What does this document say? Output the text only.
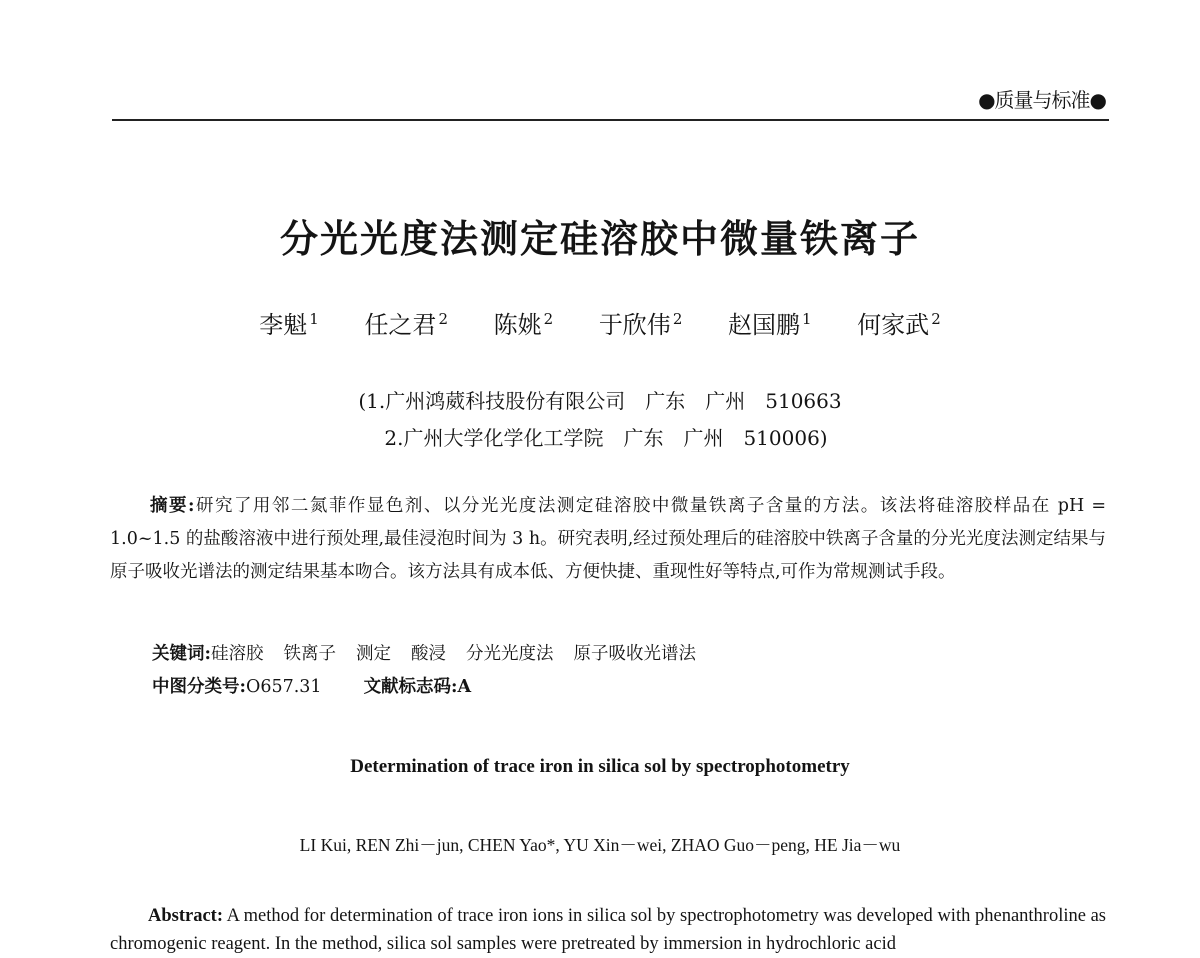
●质量与标准●
分光光度法测定硅溶胶中微量铁离子
李魁 $^1$ 任之君 $^2$ 陈姚 $^2$ 于欣伟 $^2$ 赵国鹏 $^1$ 何家武 $^2$
(1.广州鸿葳科技股份有限公司　广东　广州　510663
2.广州大学化学化工学院　广东　广州　510006)
摘要:研究了用邻二氮菲作显色剂、以分光光度法测定硅溶胶中微量铁离子含量的方法。该法将硅溶胶样品在 pH = 1.0~1.5 的盐酸溶液中进行预处理,最佳浸泡时间为 3 h。研究表明,经过预处理后的硅溶胶中铁离子含量的分光光度法测定结果与原子吸收光谱法的测定结果基本吻合。该方法具有成本低、方便快捷、重现性好等特点,可作为常规测试手段。
关键词:硅溶胶 铁离子 测定 酸浸 分光光度法 原子吸收光谱法
中图分类号:O657.31 文献标志码:A
Determination of trace iron in silica sol by spectrophotometry
LI Kui, REN Zhi－jun, CHEN Yao*, YU Xin－wei, ZHAO Guo－peng, HE Jia－wu
Abstract: A method for determination of trace iron ions in silica sol by spectrophotometry was developed with phenanthroline as chromogenic reagent. In the method, silica sol samples were pretreated by immersion in hydrochloric acid
